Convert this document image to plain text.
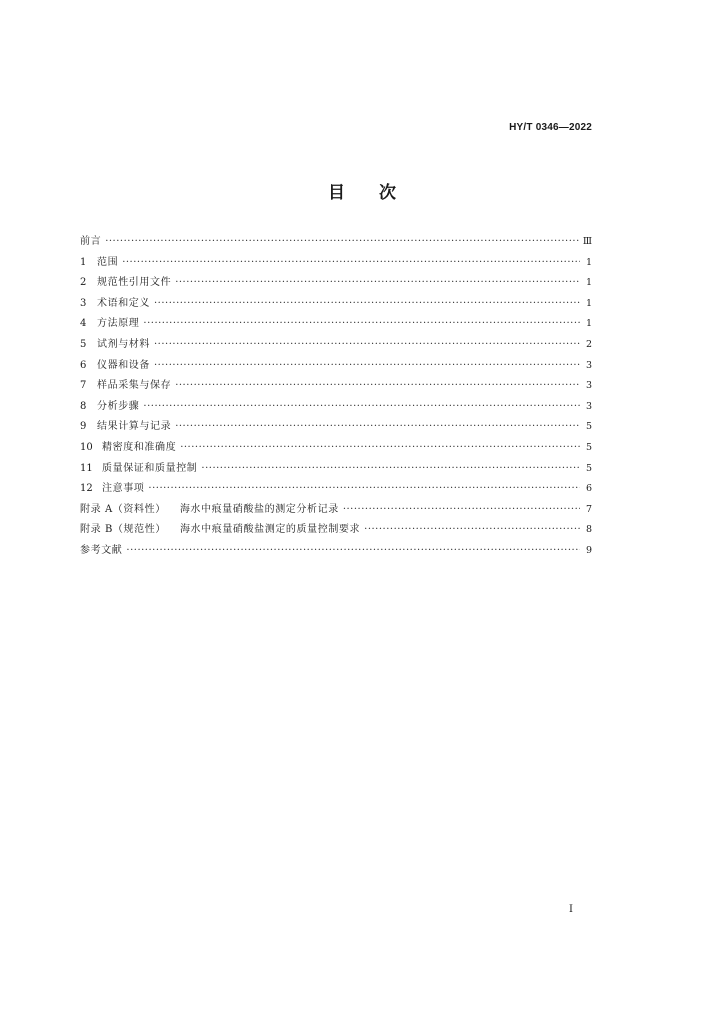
HY/T 0346—2022
目 次
前言 ·····	Ⅲ
1	范围 ·····	1
2	规范性引用文件 ·····	1
3	术语和定义 ·····	1
4	方法原理 ·····	1
5	试剂与材料 ·····	2
6	仪器和设备 ·····	3
7	样品采集与保存 ·····	3
8	分析步骤 ·····	3
9	结果计算与记录 ·····	5
10 精密度和准确度 ·····	5
11 质量保证和质量控制 ·····	5
12 注意事项 ·····	6
附录 A（资料性） 海水中痕量硝酸盐的测定分析记录 ·····	7
附录 B（规范性） 海水中痕量硝酸盐测定的质量控制要求 ·····	8
参考文献 ·····	9
I
